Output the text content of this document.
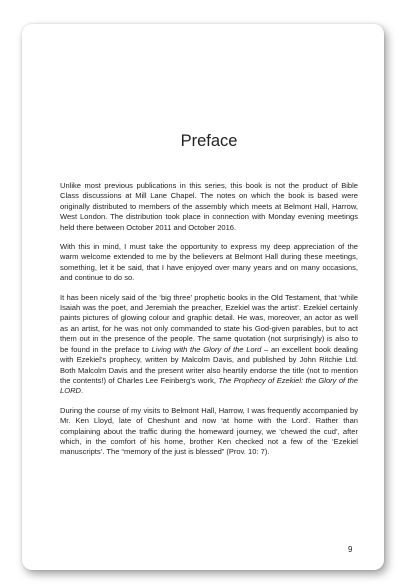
Preface

Unlike most previous publications in this series, this book is not the product of Bible Class discussions at Mill Lane Chapel. The notes on which the book is based were originally distributed to members of the assembly which meets at Belmont Hall, Harrow, West London. The distribution took place in connection with Monday evening meetings held there between October 2011 and October 2016.

With this in mind, I must take the opportunity to express my deep appreciation of the warm welcome extended to me by the believers at Belmont Hall during these meetings, something, let it be said, that I have enjoyed over many years and on many occasions, and continue to do so.

It has been nicely said of the ‘big three’ prophetic books in the Old Testament, that ‘while Isaiah was the poet, and Jeremiah the preacher, Ezekiel was the artist’. Ezekiel certainly paints pictures of glowing colour and graphic detail. He was, moreover, an actor as well as an artist, for he was not only commanded to state his God-given parables, but to act them out in the presence of the people. The same quotation (not surprisingly) is also to be found in the preface to Living with the Glory of the Lord – an excellent book dealing with Ezekiel’s prophecy, written by Malcolm Davis, and published by John Ritchie Ltd. Both Malcolm Davis and the present writer also heartily endorse the title (not to mention the contents!) of Charles Lee Feinberg’s work, The Prophecy of Ezekiel: the Glory of the LORD.

During the course of my visits to Belmont Hall, Harrow, I was frequently accompanied by Mr. Ken Lloyd, late of Cheshunt and now ‘at home with the Lord’. Rather than complaining about the traffic during the homeward journey, we ‘chewed the cud’, after which, in the comfort of his home, brother Ken checked not a few of the ‘Ezekiel manuscripts’. The “memory of the just is blessed” (Prov. 10: 7).

9
